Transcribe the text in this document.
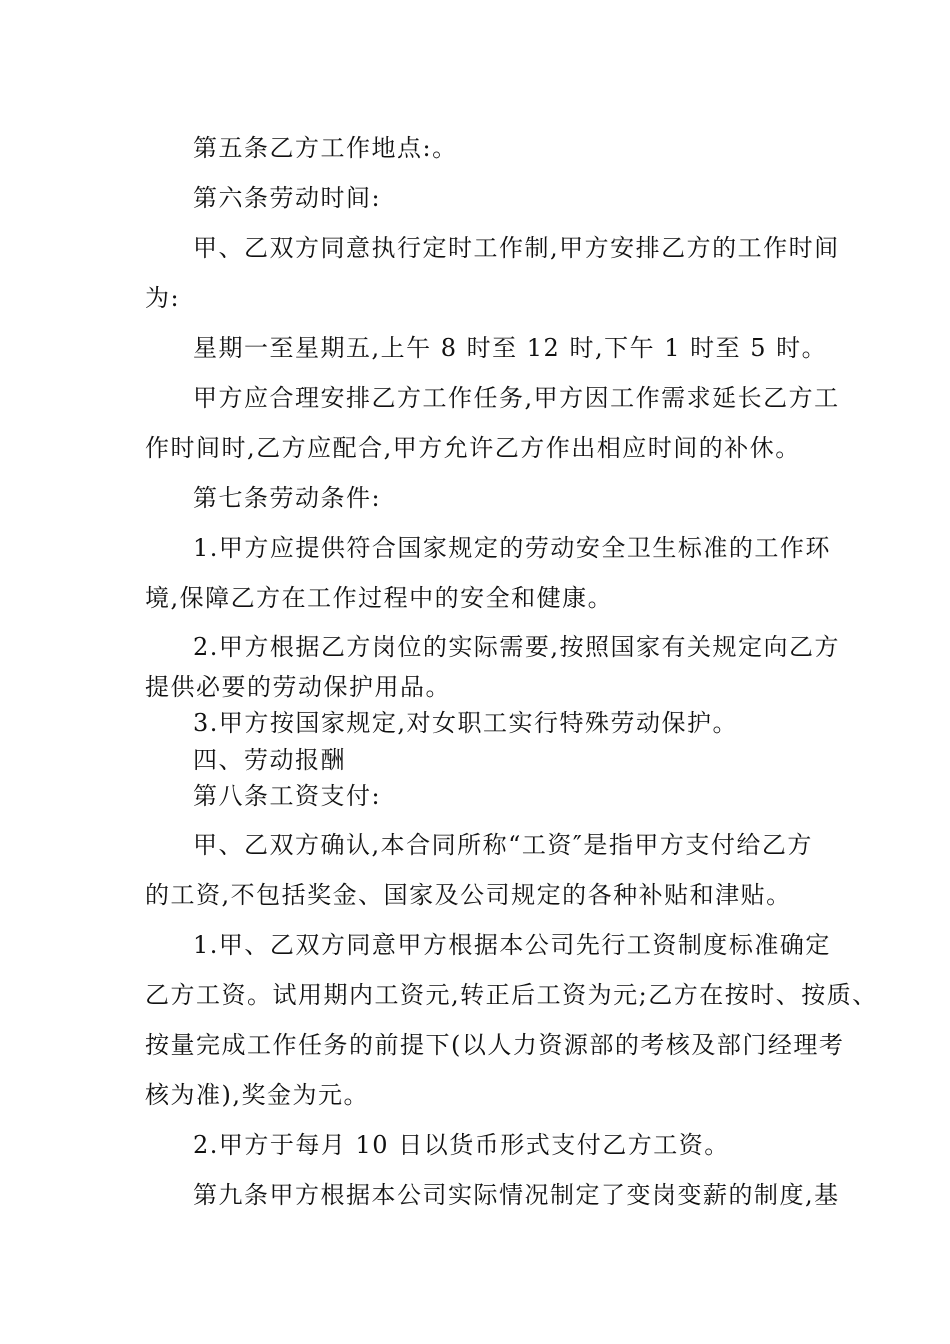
第五条乙方工作地点:。
第六条劳动时间:
甲、乙双方同意执行定时工作制,甲方安排乙方的工作时间
为:
星期一至星期五,上午 8 时至 12 时,下午 1 时至 5 时。
甲方应合理安排乙方工作任务,甲方因工作需求延长乙方工
作时间时,乙方应配合,甲方允许乙方作出相应时间的补休。
第七条劳动条件:
1.甲方应提供符合国家规定的劳动安全卫生标准的工作环
境,保障乙方在工作过程中的安全和健康。
2.甲方根据乙方岗位的实际需要,按照国家有关规定向乙方
提供必要的劳动保护用品。
3.甲方按国家规定,对女职工实行特殊劳动保护。
四、劳动报酬
第八条工资支付:
甲、乙双方确认,本合同所称“工资″是指甲方支付给乙方
的工资,不包括奖金、国家及公司规定的各种补贴和津贴。
1.甲、乙双方同意甲方根据本公司先行工资制度标准确定
乙方工资。试用期内工资元,转正后工资为元;乙方在按时、按质、
按量完成工作任务的前提下(以人力资源部的考核及部门经理考
核为准),奖金为元。
2.甲方于每月 10 日以货币形式支付乙方工资。
第九条甲方根据本公司实际情况制定了变岗变薪的制度,基
